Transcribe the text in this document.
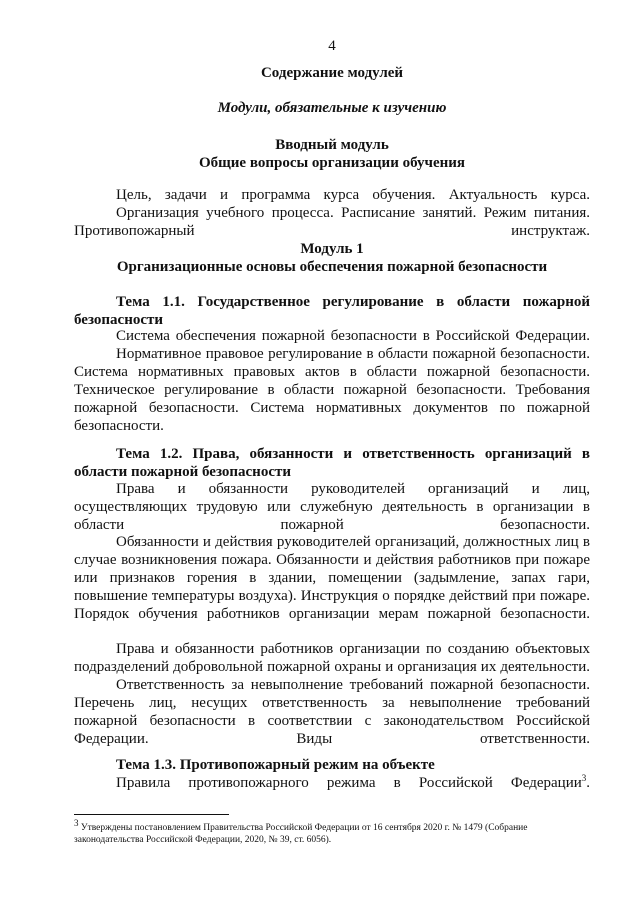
4
Содержание модулей
Модули, обязательные к изучению
Вводный модуль
Общие вопросы организации обучения
Цель, задачи и программа курса обучения. Актуальность курса.
Организация учебного процесса. Расписание занятий. Режим питания. Противопожарный инструктаж.
Модуль 1
Организационные основы обеспечения пожарной безопасности
Тема 1.1. Государственное регулирование в области пожарной безопасности
Система обеспечения пожарной безопасности в Российской Федерации.
Нормативное правовое регулирование в области пожарной безопасности. Система нормативных правовых актов в области пожарной безопасности. Техническое регулирование в области пожарной безопасности. Требования пожарной безопасности. Система нормативных документов по пожарной безопасности.
Тема 1.2. Права, обязанности и ответственность организаций в области пожарной безопасности
Права и обязанности руководителей организаций и лиц, осуществляющих трудовую или служебную деятельность в организации в области пожарной безопасности.
Обязанности и действия руководителей организаций, должностных лиц в случае возникновения пожара. Обязанности и действия работников при пожаре или признаков горения в здании, помещении (задымление, запах гари, повышение температуры воздуха). Инструкция о порядке действий при пожаре. Порядок обучения работников организации мерам пожарной безопасности.
Права и обязанности работников организации по созданию объектовых подразделений добровольной пожарной охраны и организация их деятельности.
Ответственность за невыполнение требований пожарной безопасности. Перечень лиц, несущих ответственность за невыполнение требований пожарной безопасности в соответствии с законодательством Российской Федерации. Виды ответственности.
Тема 1.3. Противопожарный режим на объекте
Правила противопожарного режима в Российской Федерации$^3$.
$^3$ Утверждены постановлением Правительства Российской Федерации от 16 сентября 2020 г. № 1479 (Собрание законодательства Российской Федерации, 2020, № 39, ст. 6056).
